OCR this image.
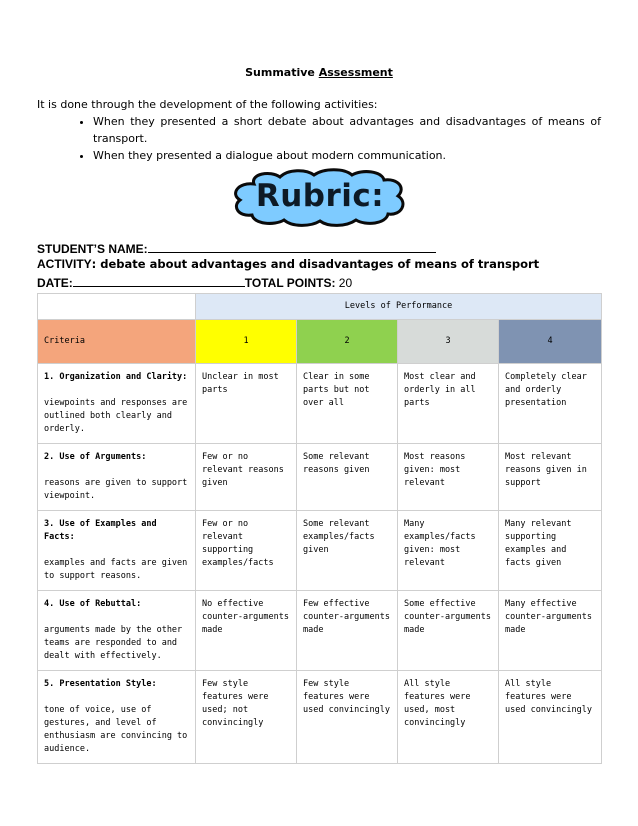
Summative Assessment
It is done through the development of the following activities:
• When they presented a short debate about advantages and disadvantages of means of transport.
• When they presented a dialogue about modern communication.
Rubric:
STUDENT’S NAME:
ACTIVITY: debate about advantages and disadvantages of means of transport
DATE:	TOTAL POINTS: 20
	Levels of Performance			
Criteria	1	2	3	4

1. Organization and Clarity:
viewpoints and responses are outlined both clearly and orderly.	Unclear in most parts	Clear in some parts but not over all	Most clear and orderly in all parts	Completely clear and orderly presentation

2. Use of Arguments:
reasons are given to support viewpoint.	Few or no relevant reasons given	Some relevant reasons given	Most reasons given: most relevant	Most relevant reasons given in support

3. Use of Examples and Facts:
examples and facts are given to support reasons.	Few or no relevant supporting examples/facts	Some relevant examples/facts given	Many examples/facts given: most relevant	Many relevant supporting examples and facts given

4. Use of Rebuttal:
arguments made by the other teams are responded to and dealt with effectively.	No effective counter-arguments made	Few effective counter-arguments made	Some effective counter-arguments made	Many effective counter-arguments made

5. Presentation Style:
tone of voice, use of gestures, and level of enthusiasm are convincing to audience.	Few style features were used; not convincingly	Few style features were used convincingly	All style features were used, most convincingly	All style features were used convincingly
